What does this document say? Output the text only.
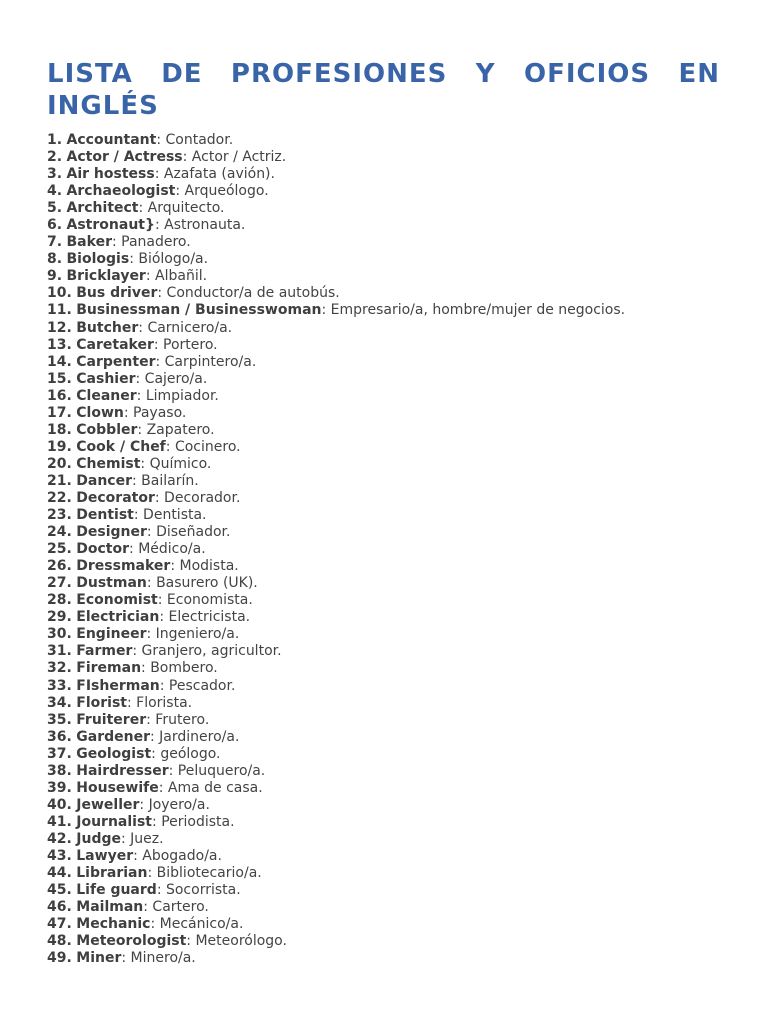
LISTA DE PROFESIONES Y OFICIOS EN INGLÉS
1. Accountant: Contador.
2. Actor / Actress: Actor / Actriz.
3. Air hostess: Azafata (avión).
4. Archaeologist: Arqueólogo.
5. Architect: Arquitecto.
6. Astronaut}: Astronauta.
7. Baker: Panadero.
8. Biologis: Biólogo/a.
9. Bricklayer: Albañil.
10. Bus driver: Conductor/a de autobús.
11. Businessman / Businesswoman: Empresario/a, hombre/mujer de negocios.
12. Butcher: Carnicero/a.
13. Caretaker: Portero.
14. Carpenter: Carpintero/a.
15. Cashier: Cajero/a.
16. Cleaner: Limpiador.
17. Clown: Payaso.
18. Cobbler: Zapatero.
19. Cook / Chef: Cocinero.
20. Chemist: Químico.
21. Dancer: Bailarín.
22. Decorator: Decorador.
23. Dentist: Dentista.
24. Designer: Diseñador.
25. Doctor: Médico/a.
26. Dressmaker: Modista.
27. Dustman: Basurero (UK).
28. Economist: Economista.
29. Electrician: Electricista.
30. Engineer: Ingeniero/a.
31. Farmer: Granjero, agricultor.
32. Fireman: Bombero.
33. FIsherman: Pescador.
34. Florist: Florista.
35. Fruiterer: Frutero.
36. Gardener: Jardinero/a.
37. Geologist: geólogo.
38. Hairdresser: Peluquero/a.
39. Housewife: Ama de casa.
40. Jeweller: Joyero/a.
41. Journalist: Periodista.
42. Judge: Juez.
43. Lawyer: Abogado/a.
44. Librarian: Bibliotecario/a.
45. Life guard: Socorrista.
46. Mailman: Cartero.
47. Mechanic: Mecánico/a.
48. Meteorologist: Meteorólogo.
49. Miner: Minero/a.
